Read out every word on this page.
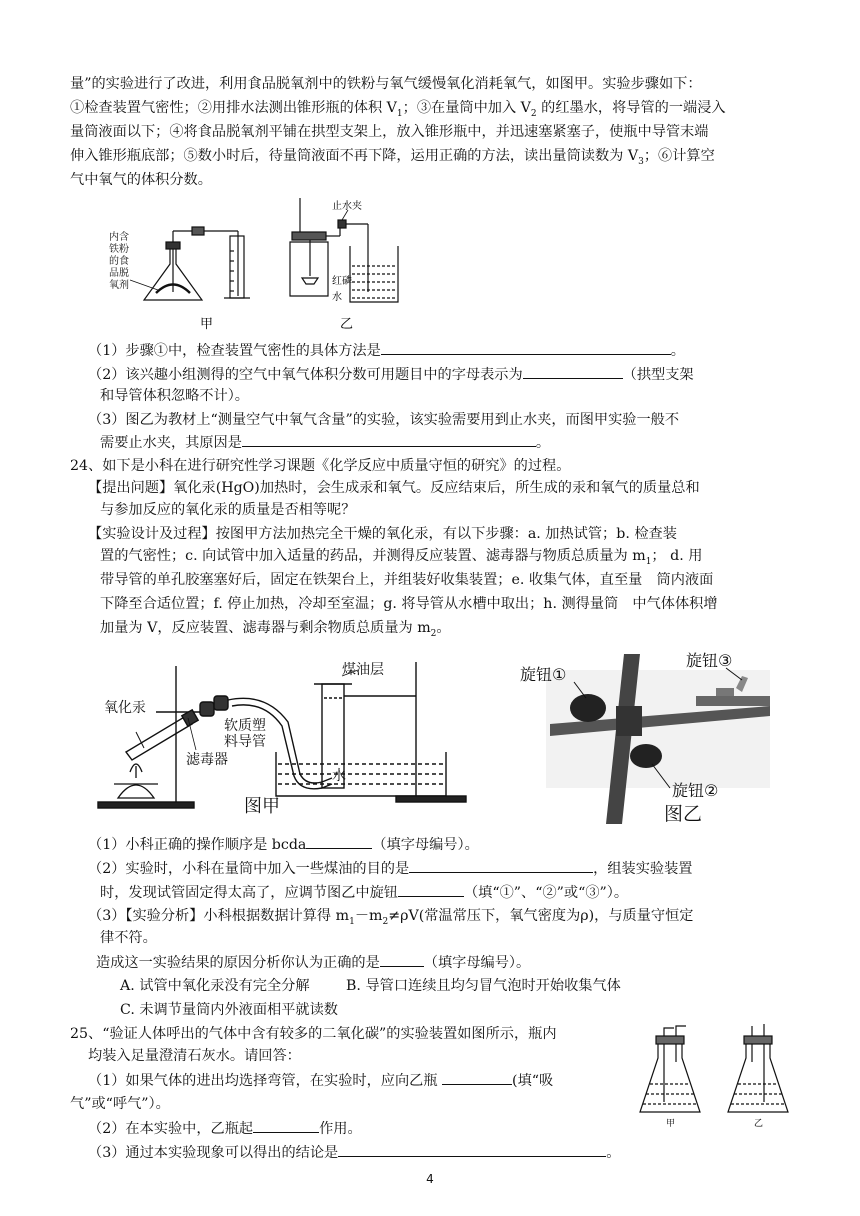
量”的实验进行了改进，利用食品脱氧剂中的铁粉与氧气缓慢氧化消耗氧气，如图甲。实验步骤如下：
①检查装置气密性；②用排水法测出锥形瓶的体积 $V_1$；③在量筒中加入 $V_2$ 的红墨水，将导管的一端浸入
量筒液面以下；④将食品脱氧剂平铺在拱型支架上，放入锥形瓶中，并迅速塞紧塞子，使瓶中导管末端
伸入锥形瓶底部；⑤数小时后，待量筒液面不再下降，运用正确的方法，读出量筒读数为 $V_3$；⑥计算空
气中氧气的体积分数。
内 含
铁 粉
的 食
品 脱
氧 剂
甲
止水夹
红磷
水
乙
（1）步骤①中，检查装置气密性的具体方法是	。
（2）该兴趣小组测得的空气中氧气体积分数可用题目中的字母表示为	（拱型支架
和导管体积忽略不计）。
（3）图乙为教材上“测量空气中氧气含量”的实验，该实验需要用到止水夹，而图甲实验一般不
需要止水夹，其原因是	。
24、如下是小科在进行研究性学习课题《化学反应中质量守恒的研究》的过程。
【提出问题】氧化汞(HgO)加热时，会生成汞和氧气。反应结束后，所生成的汞和氧气的质量总和
与参加反应的氧化汞的质量是否相等呢？
【实验设计及过程】按图甲方法加热完全干燥的氧化汞，有以下步骤：a. 加热试管；b. 检查装
置的气密性；c. 向试管中加入适量的药品，并测得反应装置、滤毒器与物质总质量为 $m_1$； d. 用
带导管的单孔胶塞塞好后，固定在铁架台上，并组装好收集装置；e. 收集气体，直至量　筒内液面
下降至合适位置；f. 停止加热，冷却至室温；g. 将导管从水槽中取出；h. 测得量筒　中气体体积增
加量为 V，反应装置、滤毒器与剩余物质总质量为 $m_2$。
氧化汞
软质塑
料导管
滤毒器
煤油层
水
图甲
旋钮①
旋钮③
旋钮②
图乙
（1）小科正确的操作顺序是 bcda	（填字母编号）。
（2）实验时，小科在量筒中加入一些煤油的目的是	，组装实验装置
时，发现试管固定得太高了，应调节图乙中旋钮	（填“①”、“②”或“③”）。
（3）【实验分析】小科根据数据计算得 $m_1-m_2\ne\rho V$(常温常压下，氧气密度为ρ)，与质量守恒定
律不符。
造成这一实验结果的原因分析你认为正确的是	（填字母编号）。
A. 试管中氧化汞没有完全分解	B. 导管口连续且均匀冒气泡时开始收集气体
C. 未调节量筒内外液面相平就读数
25、“验证人体呼出的气体中含有较多的二氧化碳”的实验装置如图所示，瓶内
均装入足量澄清石灰水。请回答：
（1）如果气体的进出均选择弯管，在实验时，应向乙瓶	(填“吸
气”或“呼气”）。
（2）在本实验中，乙瓶起	作用。
（3）通过本实验现象可以得出的结论是	。
甲	乙
4
